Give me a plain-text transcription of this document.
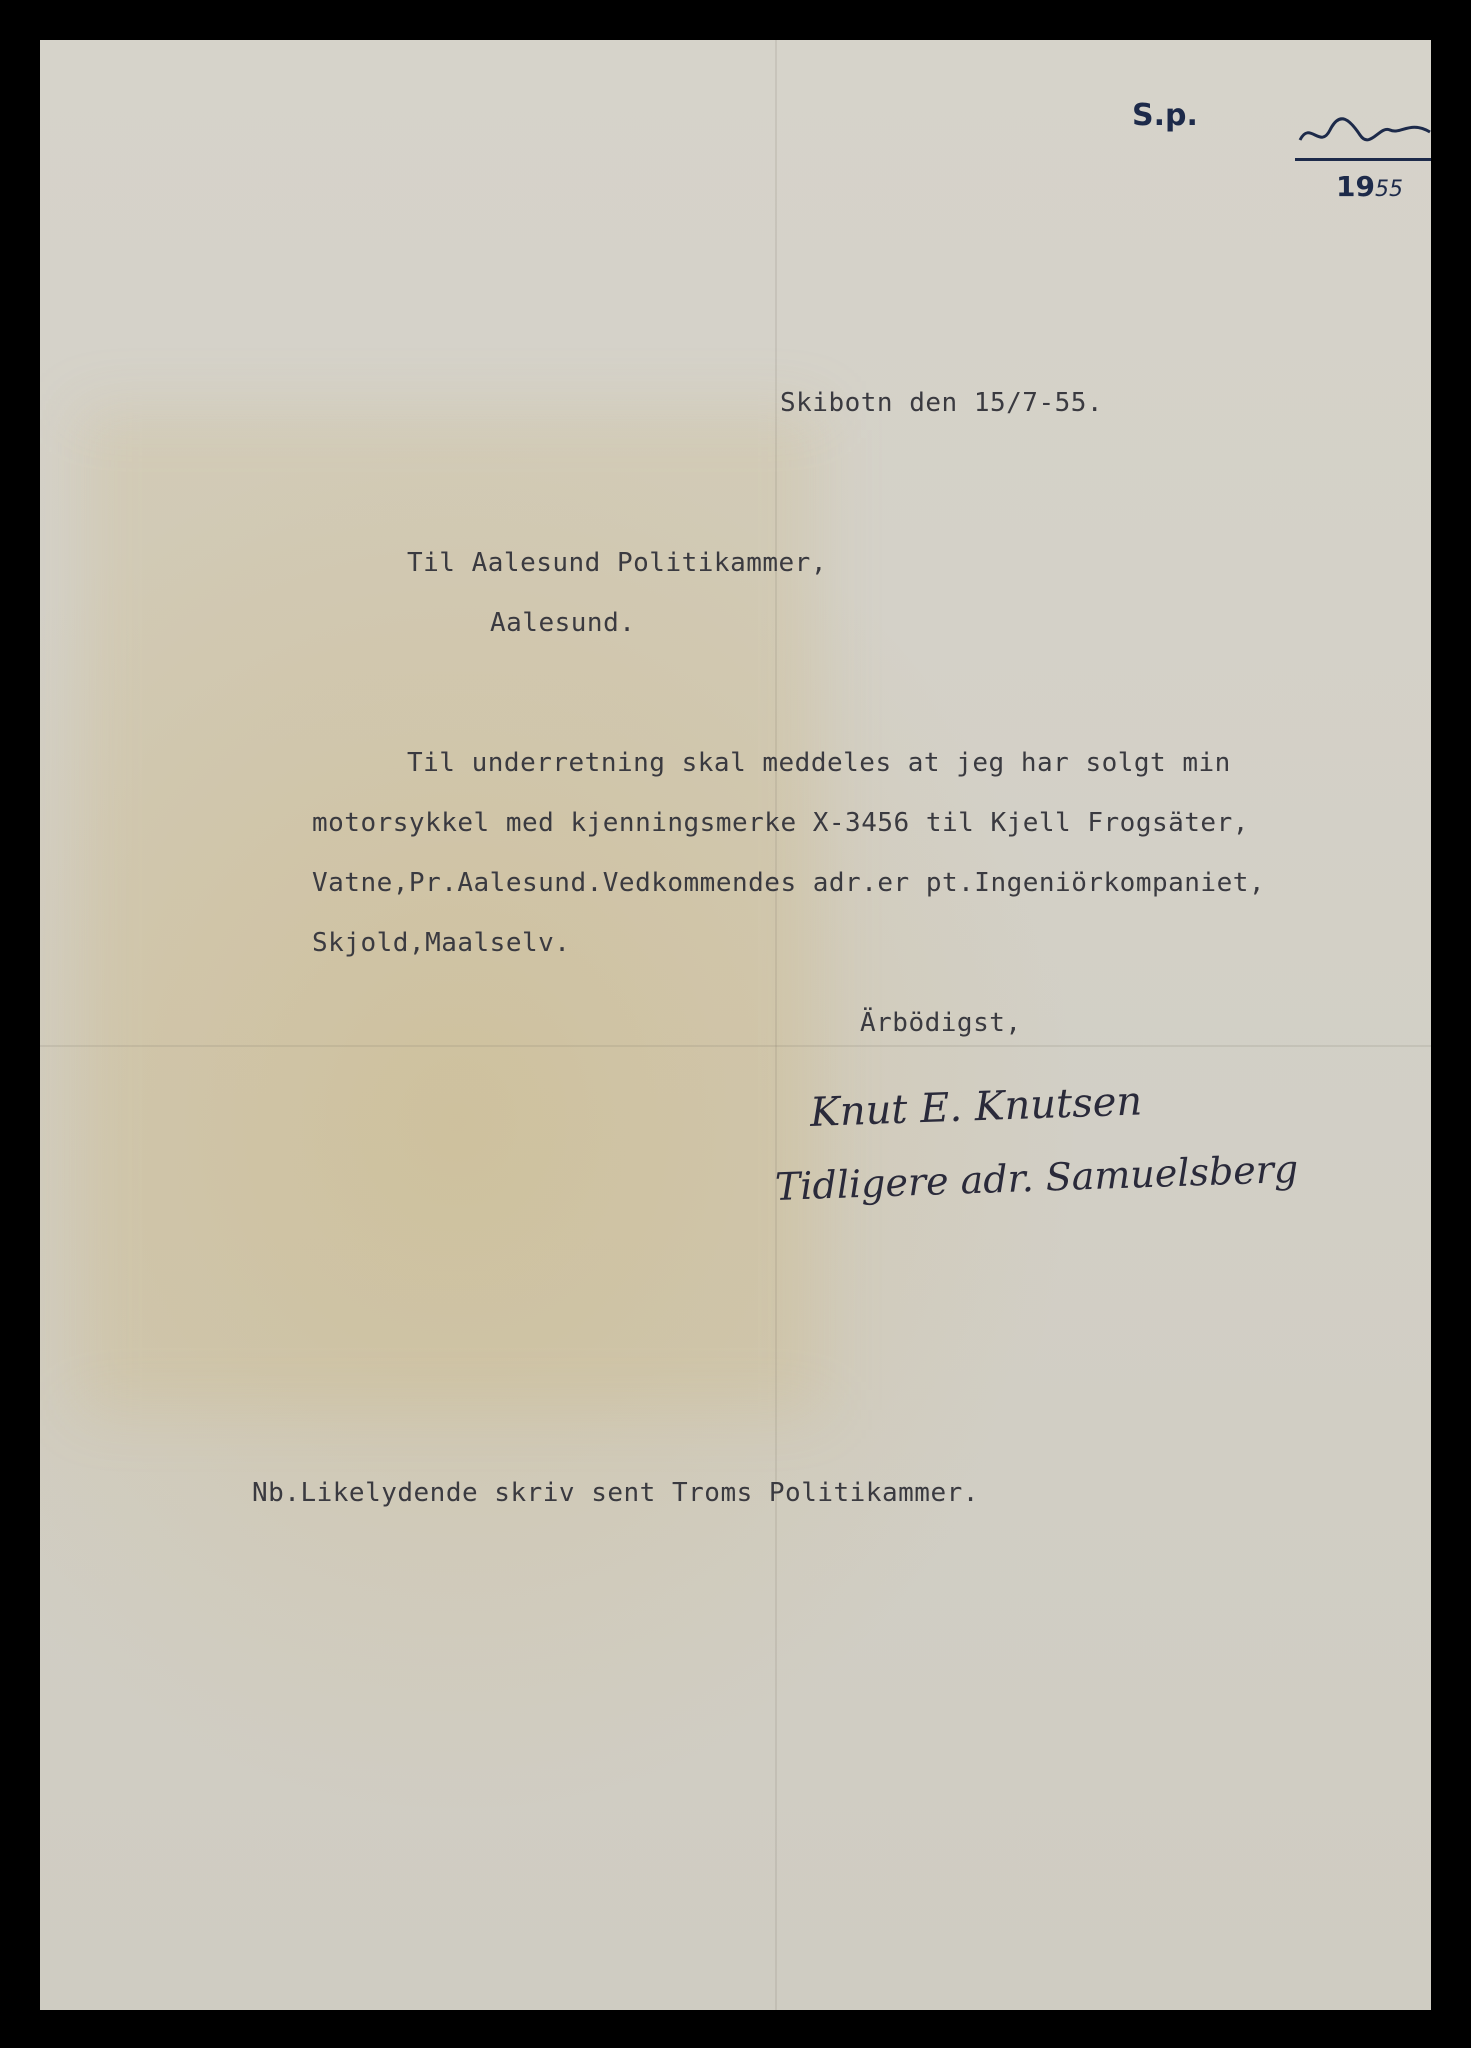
S.p.
1955
Skibotn den 15/7-55.
Til Aalesund Politikammer,
Aalesund.
Til underretning skal meddeles at jeg har solgt min
motorsykkel med kjenningsmerke X-3456 til Kjell Frogsäter,
Vatne,Pr.Aalesund.Vedkommendes adr.er pt.Ingeniörkompaniet,
Skjold,Maalselv.
Ärbödigst,
Knut E. Knutsen
Tidligere adr. Samuelsberg
Nb.Likelydende skriv sent Troms Politikammer.
